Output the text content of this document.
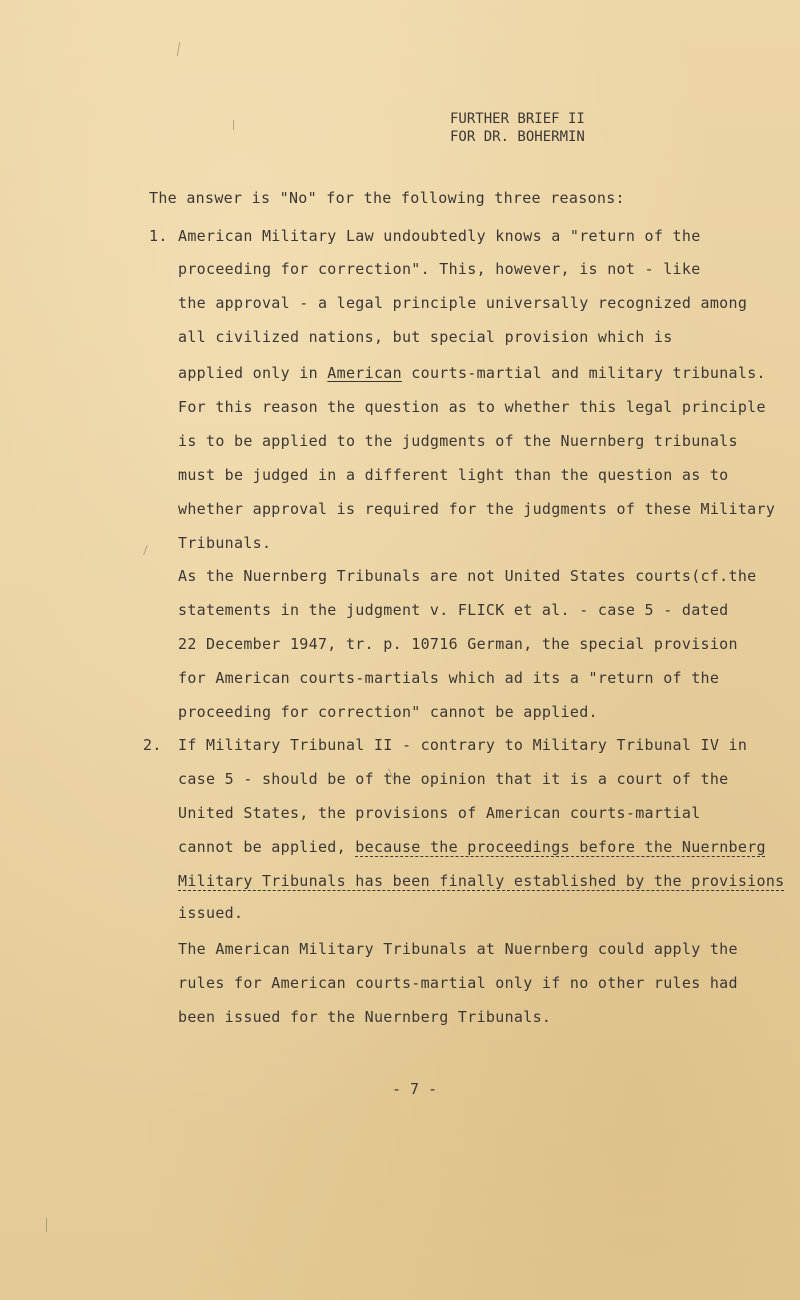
FURTHER BRIEF II
FOR DR. BOHERMIN
The answer is "No" for the following three reasons:
1. American Military Law undoubtedly knows a "return of the
proceeding for correction". This, however, is not - like
the approval - a legal principle universally recognized among
all civilized nations, but special provision which is
applied only in American courts-martial and military tribunals.
For this reason the question as to whether this legal principle
is to be applied to the judgments of the Nuernberg tribunals
must be judged in a different light than the question as to
whether approval is required for the judgments of these Military
Tribunals.
As the Nuernberg Tribunals are not United States courts(cf.the
statements in the judgment v. FLICK et al. - case 5 - dated
22 December 1947, tr. p. 10716 German, the special provision
for American courts-martials which ad its a "return of the
proceeding for correction" cannot be applied.
2. If Military Tribunal II - contrary to Military Tribunal IV in
case 5 - should be of the opinion that it is a court of the
United States, the provisions of American courts-martial
cannot be applied, because the proceedings before the Nuernberg
Military Tribunals has been finally established by the provisions
issued.
The American Military Tribunals at Nuernberg could apply the
rules for American courts-martial only if no other rules had
been issued for the Nuernberg Tribunals.
- 7 -
